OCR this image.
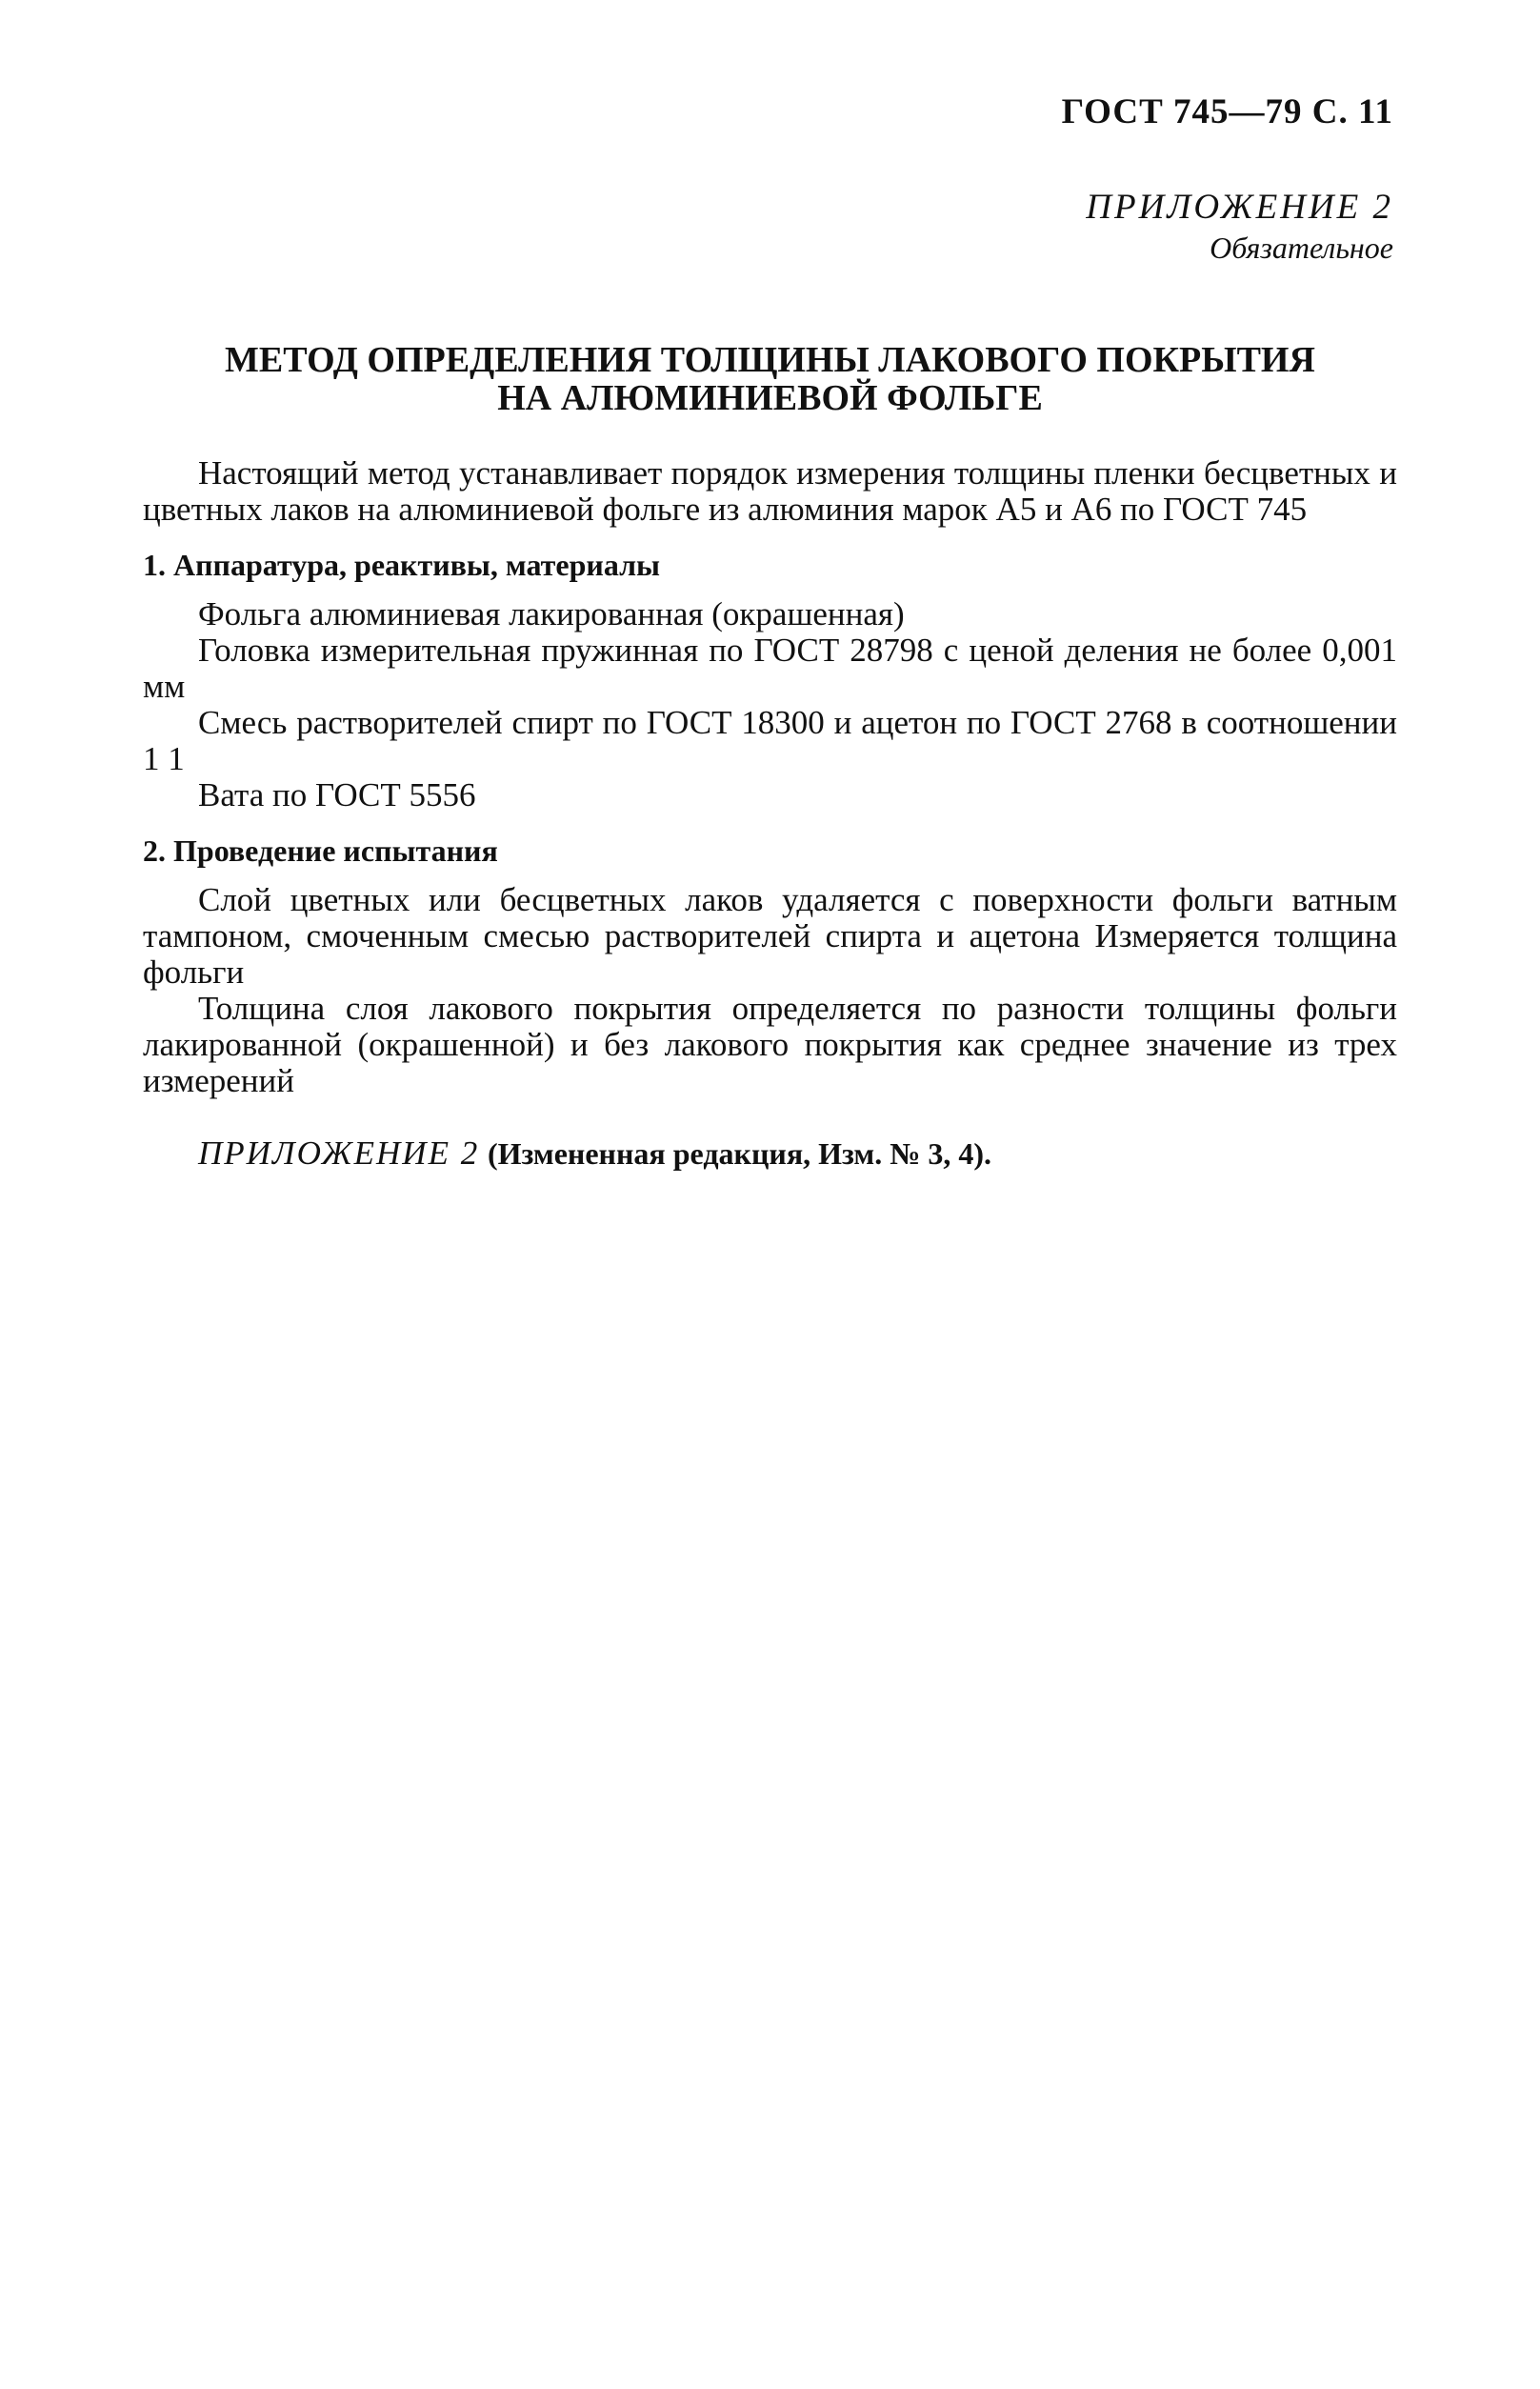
ГОСТ 745—79 С. 11
ПРИЛОЖЕНИЕ 2
Обязательное
МЕТОД ОПРЕДЕЛЕНИЯ ТОЛЩИНЫ ЛАКОВОГО ПОКРЫТИЯ
НА АЛЮМИНИЕВОЙ ФОЛЬГЕ

Настоящий метод устанавливает порядок измерения толщины пленки бесцветных и цветных лаков на алюминиевой фольге из алюминия марок А5 и А6 по ГОСТ 745

1. Аппаратура, реактивы, материалы

Фольга алюминиевая лакированная (окрашенная)

Головка измерительная пружинная по ГОСТ 28798 с ценой деления не более 0,001 мм

Смесь растворителей спирт по ГОСТ 18300 и ацетон по ГОСТ 2768 в соотношении 1 1

Вата по ГОСТ 5556

2. Проведение испытания

Слой цветных или бесцветных лаков удаляется с поверхности фольги ватным тампоном, смоченным смесью растворителей спирта и ацетона Измеряется толщина фольги

Толщина слоя лакового покрытия определяется по разности толщины фольги лакированной (окрашенной) и без лакового покрытия как среднее значение из трех измерений

ПРИЛОЖЕНИЕ 2 (Измененная редакция, Изм. № 3, 4).
